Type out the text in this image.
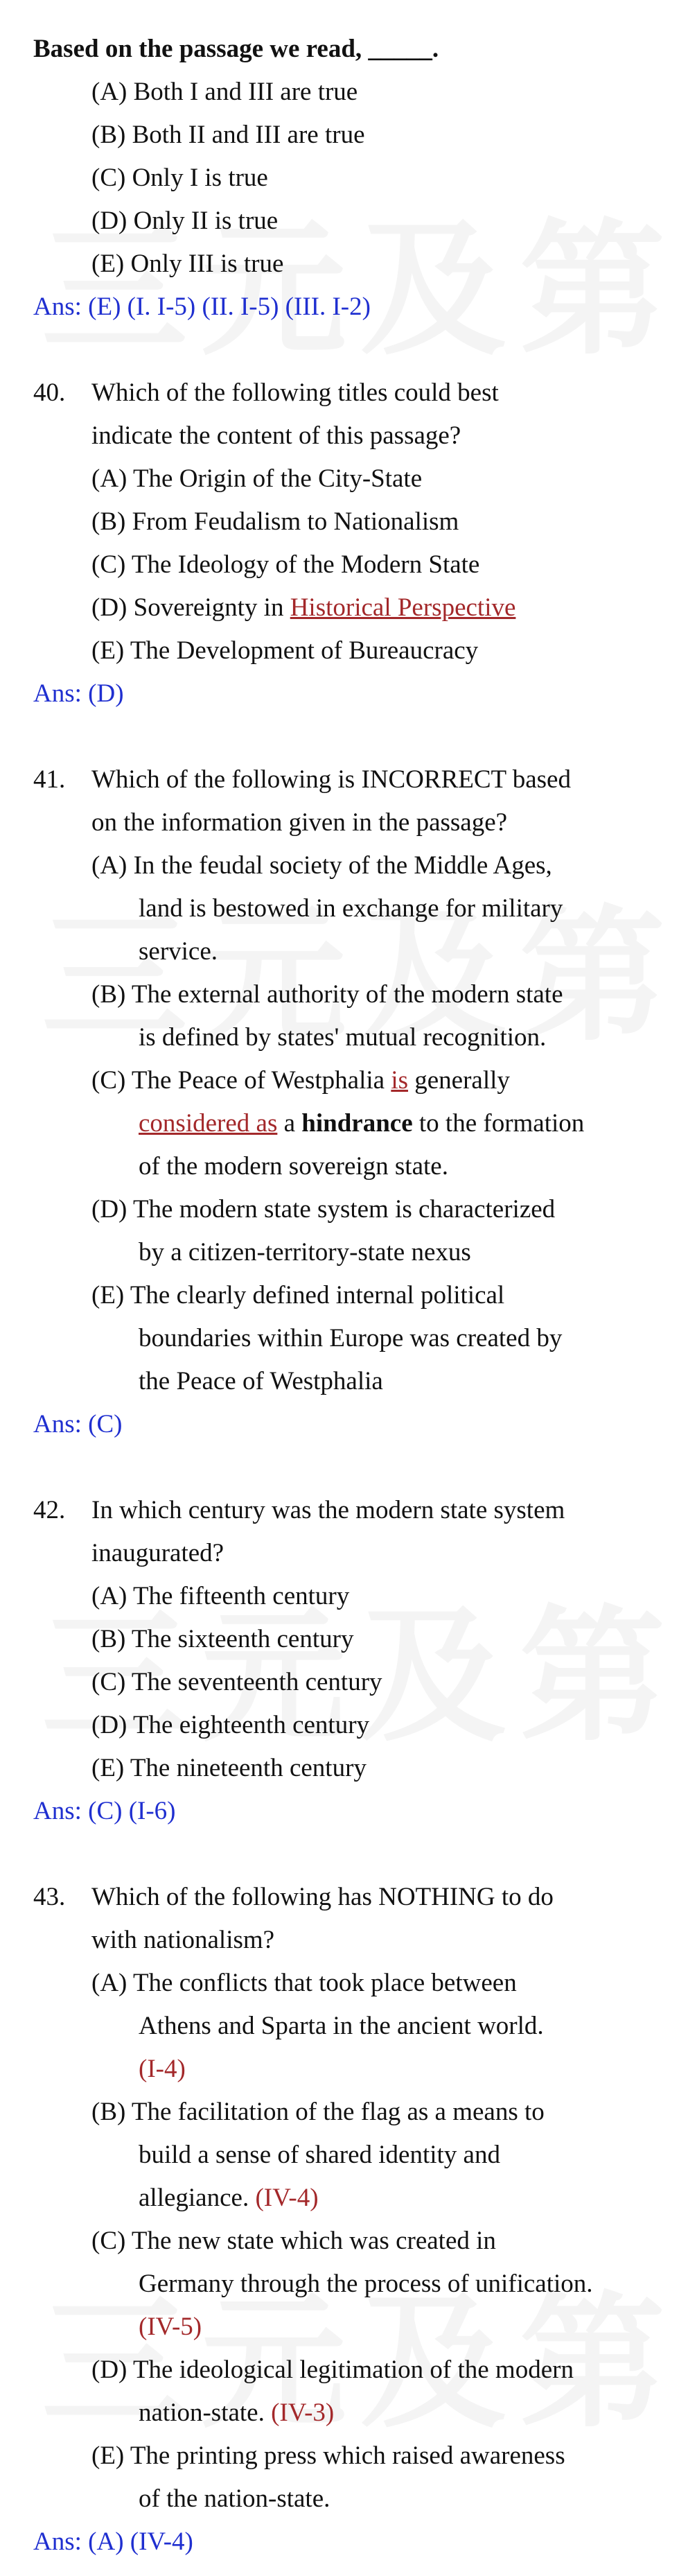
Based on the passage we read, _____.
(A) Both I and III are true
(B) Both II and III are true
(C) Only I is true
(D) Only II is true
(E) Only III is true
Ans: (E) (I. I-5) (II. I-5) (III. I-2)
40. Which of the following titles could best
indicate the content of this passage?
(A) The Origin of the City-State
(B) From Feudalism to Nationalism
(C) The Ideology of the Modern State
(D) Sovereignty in Historical Perspective
(E) The Development of Bureaucracy
Ans: (D)
41. Which of the following is INCORRECT based
on the information given in the passage?
(A) In the feudal society of the Middle Ages,
land is bestowed in exchange for military
service.
(B) The external authority of the modern state
is defined by states' mutual recognition.
(C) The Peace of Westphalia is generally
considered as a hindrance to the formation
of the modern sovereign state.
(D) The modern state system is characterized
by a citizen-territory-state nexus
(E) The clearly defined internal political
boundaries within Europe was created by
the Peace of Westphalia
Ans: (C)
42. In which century was the modern state system
inaugurated?
(A) The fifteenth century
(B) The sixteenth century
(C) The seventeenth century
(D) The eighteenth century
(E) The nineteenth century
Ans: (C) (I-6)
43. Which of the following has NOTHING to do
with nationalism?
(A) The conflicts that took place between
Athens and Sparta in the ancient world.
(I-4)
(B) The facilitation of the flag as a means to
build a sense of shared identity and
allegiance. (IV-4)
(C) The new state which was created in
Germany through the process of unification.
(IV-5)
(D) The ideological legitimation of the modern
nation-state. (IV-3)
(E) The printing press which raised awareness
of the nation-state.
Ans: (A) (IV-4)
